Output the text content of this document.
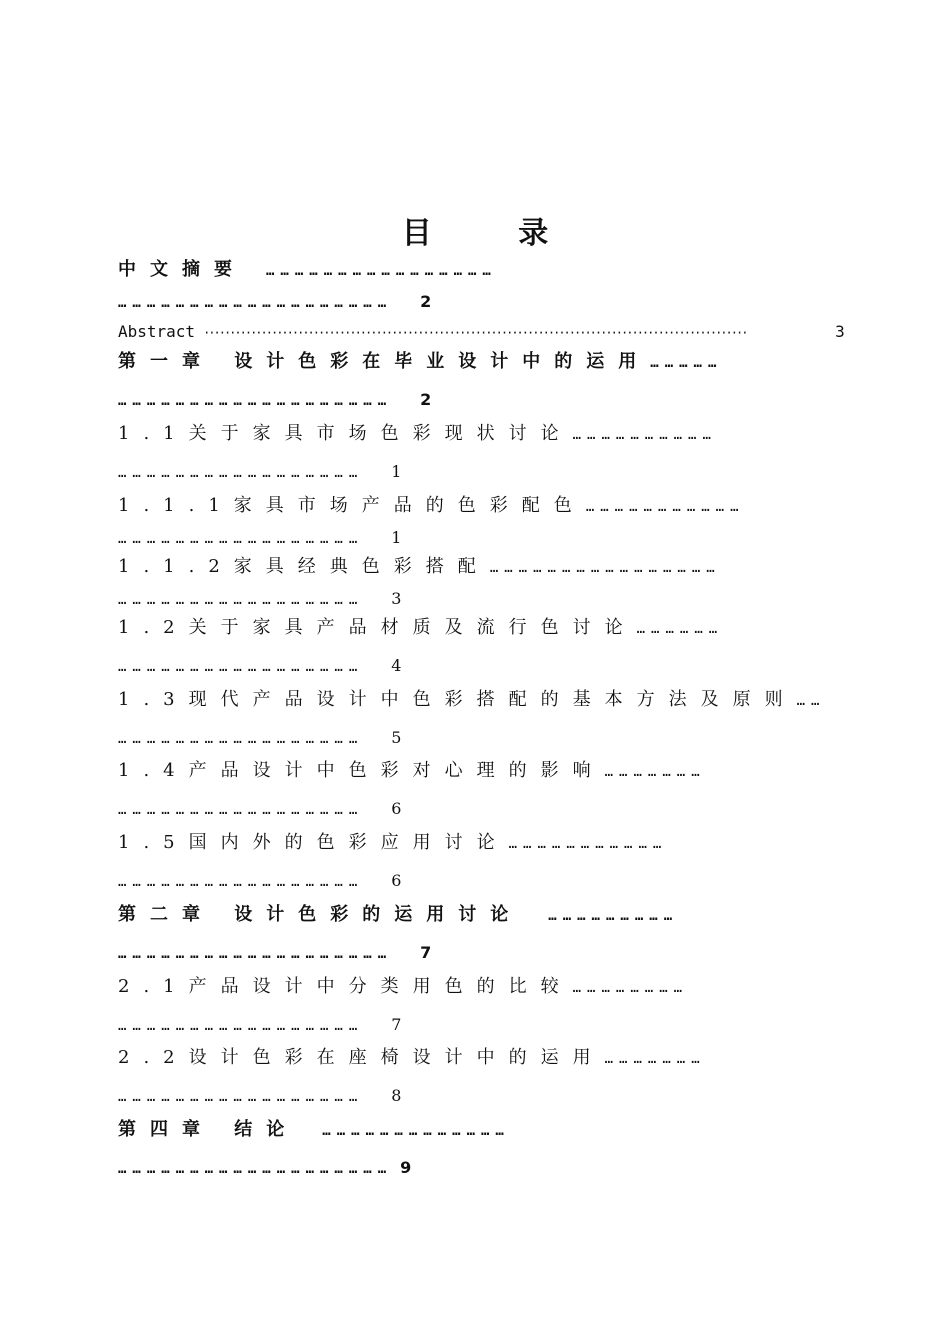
目 录
中文摘要 …………………………………………
………………………………………………… 2
Abstract ········································································································	3
第一章 设计色彩在毕业设计中的运用 ……………
………………………………………………… 2
1.1关于家具市场色彩现状讨论 …………………………
…………………………………………… 1
1.1.1家具市场产品的色彩配色 ……………………………
…………………………………………… 1
1.1.2家具经典色彩搭配 …………………………………………
…………………………………………… 3
1.2关于家具产品材质及流行色讨论 ………………
…………………………………………… 4
1.3现代产品设计中色彩搭配的基本方法及原则 ……
…………………………………………… 5
1.4产品设计中色彩对心理的影响 …………………
…………………………………………… 6
1.5国内外的色彩应用讨论 ……………………………
…………………………………………… 6
第二章 设计色彩的运用讨论 ………………………
………………………………………………… 7
2.1产品设计中分类用色的比较 ……………………
…………………………………………… 7
2.2设计色彩在座椅设计中的运用 …………………
…………………………………………… 8
第四章 结论 …………………………………
………………………………………………… 9
